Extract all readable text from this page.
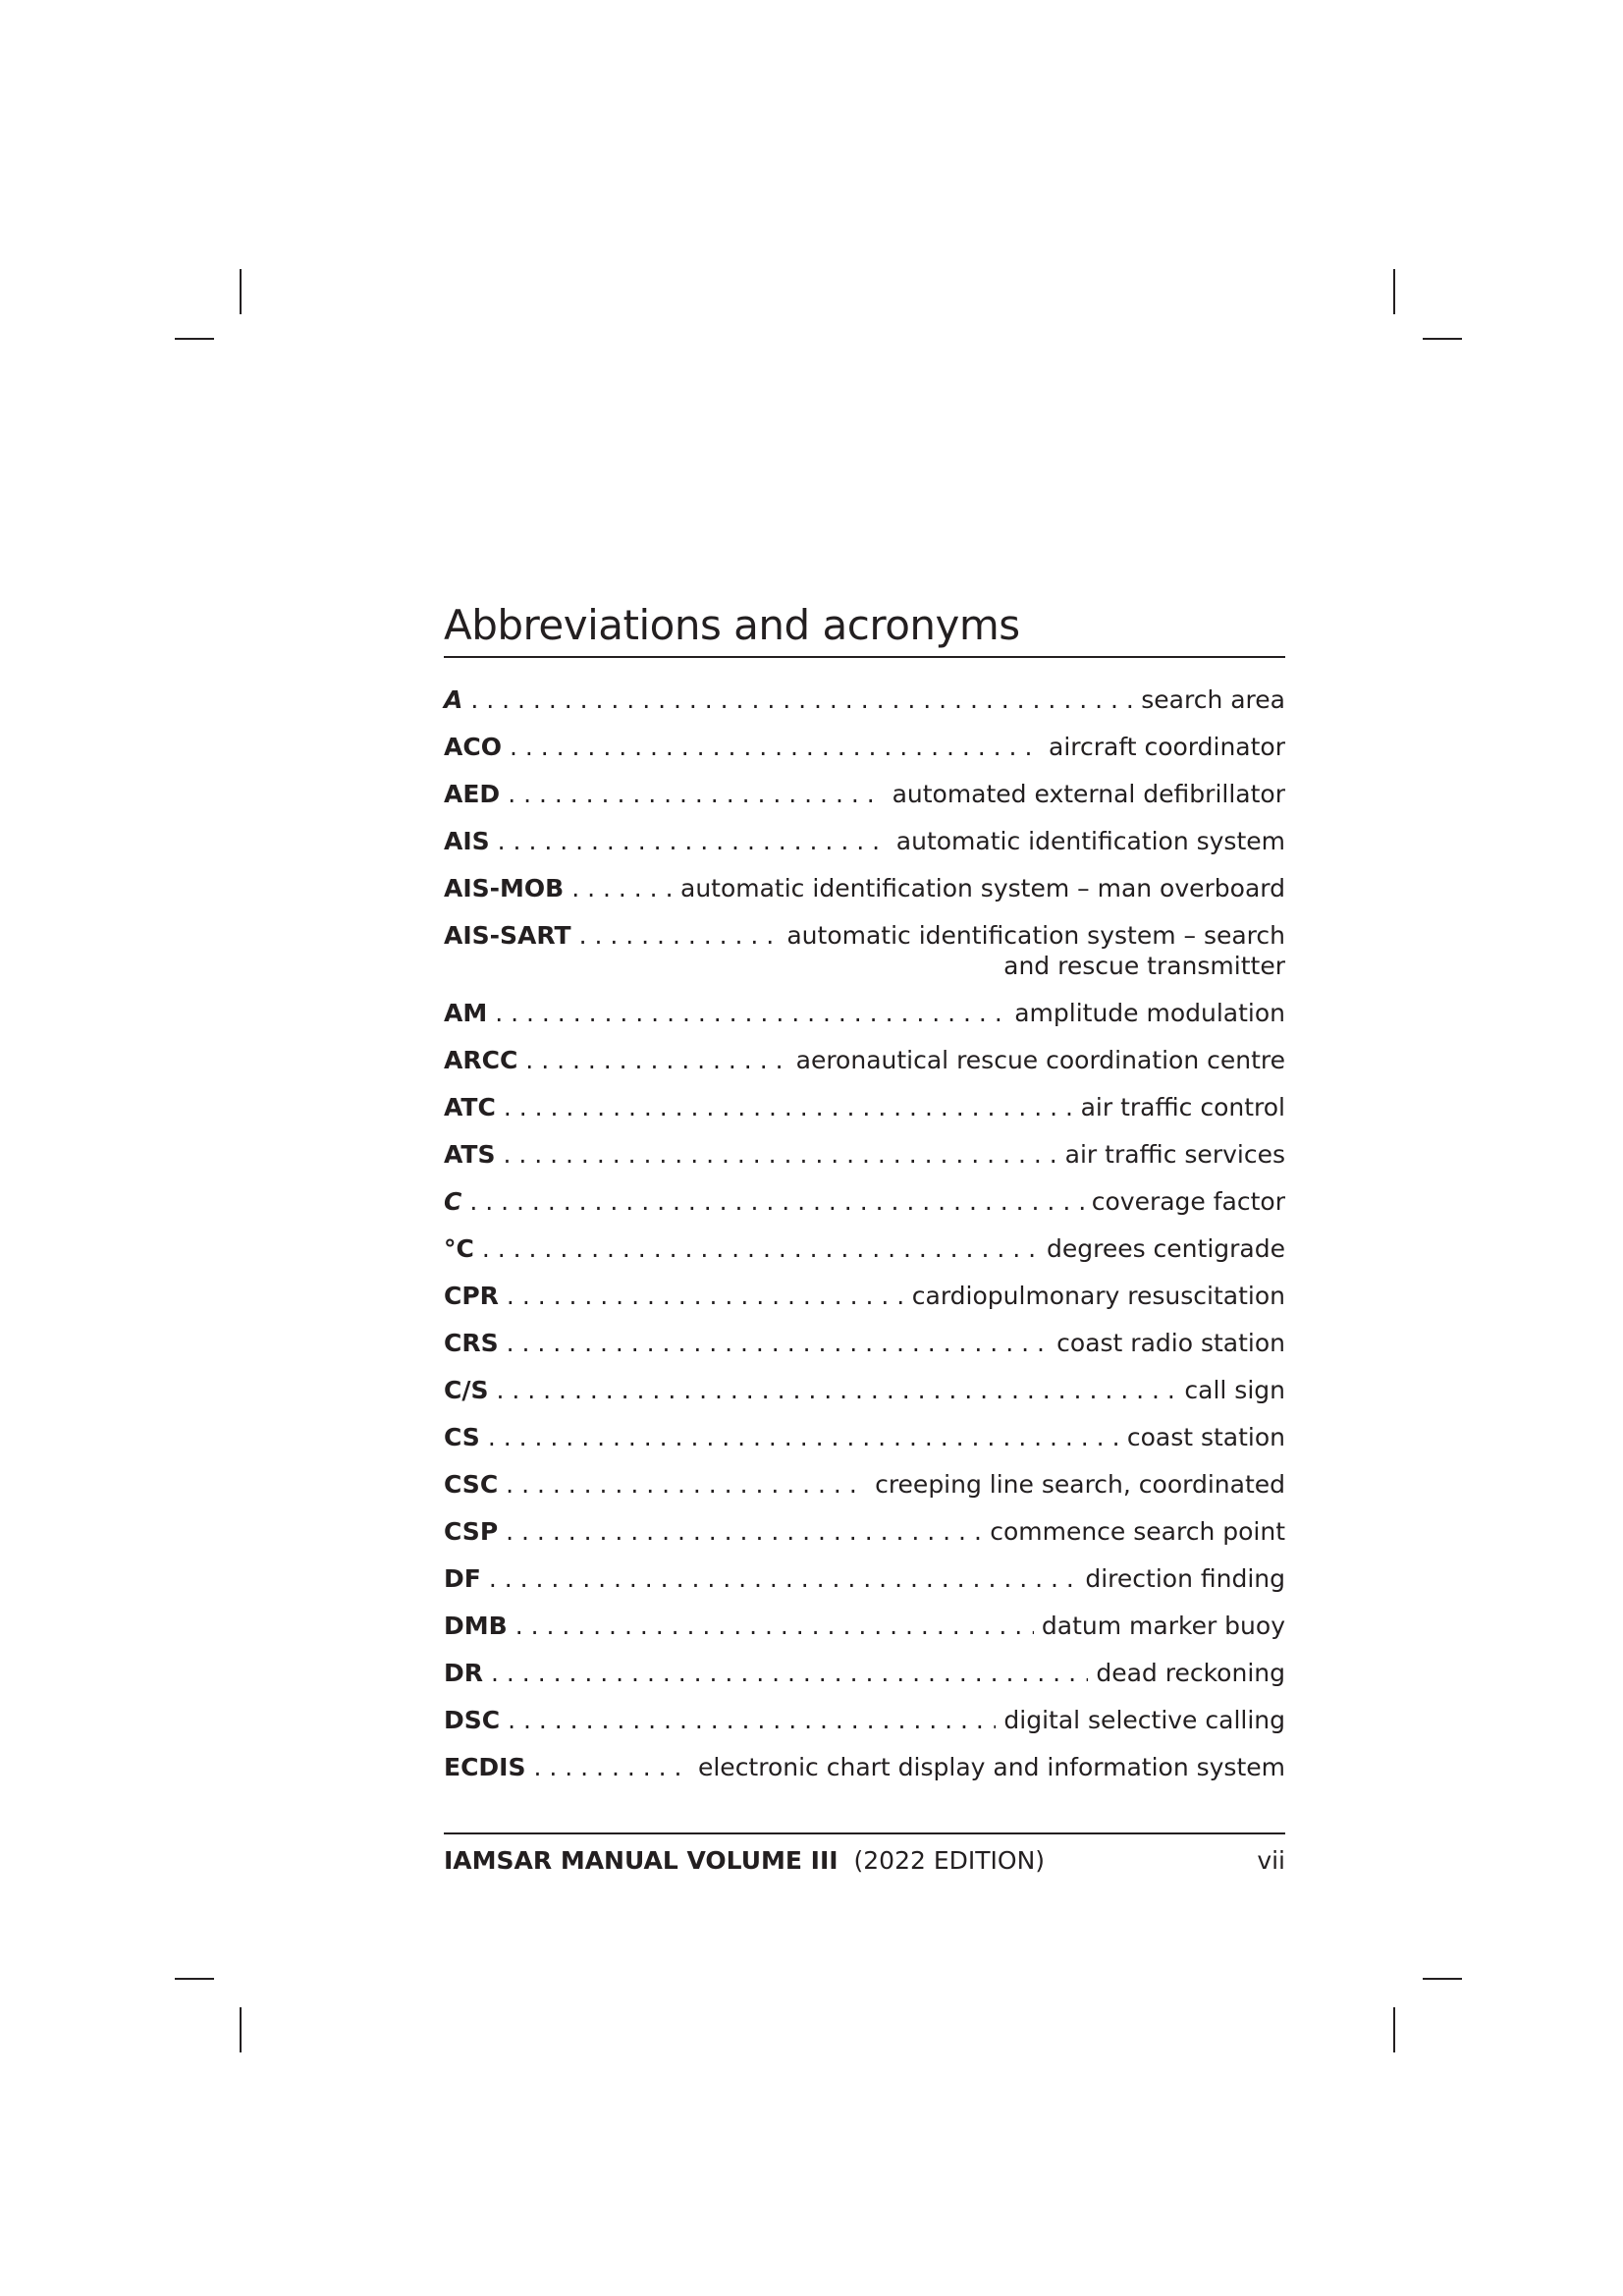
Abbreviations and acronyms
A . . .	search area
ACO . . .	aircraft coordinator
AED . . .	automated external defibrillator
AIS . . .	automatic identification system
AIS-MOB . . .	automatic identification system – man overboard
AIS-SART . . .	automatic identification system – search
and rescue transmitter
AM . . .	amplitude modulation
ARCC . . .	aeronautical rescue coordination centre
ATC . . .	air traffic control
ATS . . .	air traffic services
C . . .	coverage factor
°C . . .	degrees centigrade
CPR . . .	cardiopulmonary resuscitation
CRS . . .	coast radio station
C/S . . .	call sign
CS . . .	coast station
CSC . . .	creeping line search, coordinated
CSP . . .	commence search point
DF . . .	direction finding
DMB . . .	datum marker buoy
DR . . .	dead reckoning
DSC . . .	digital selective calling
ECDIS . . .	electronic chart display and information system
IAMSAR MANUAL VOLUME III (2022 EDITION)	vii
